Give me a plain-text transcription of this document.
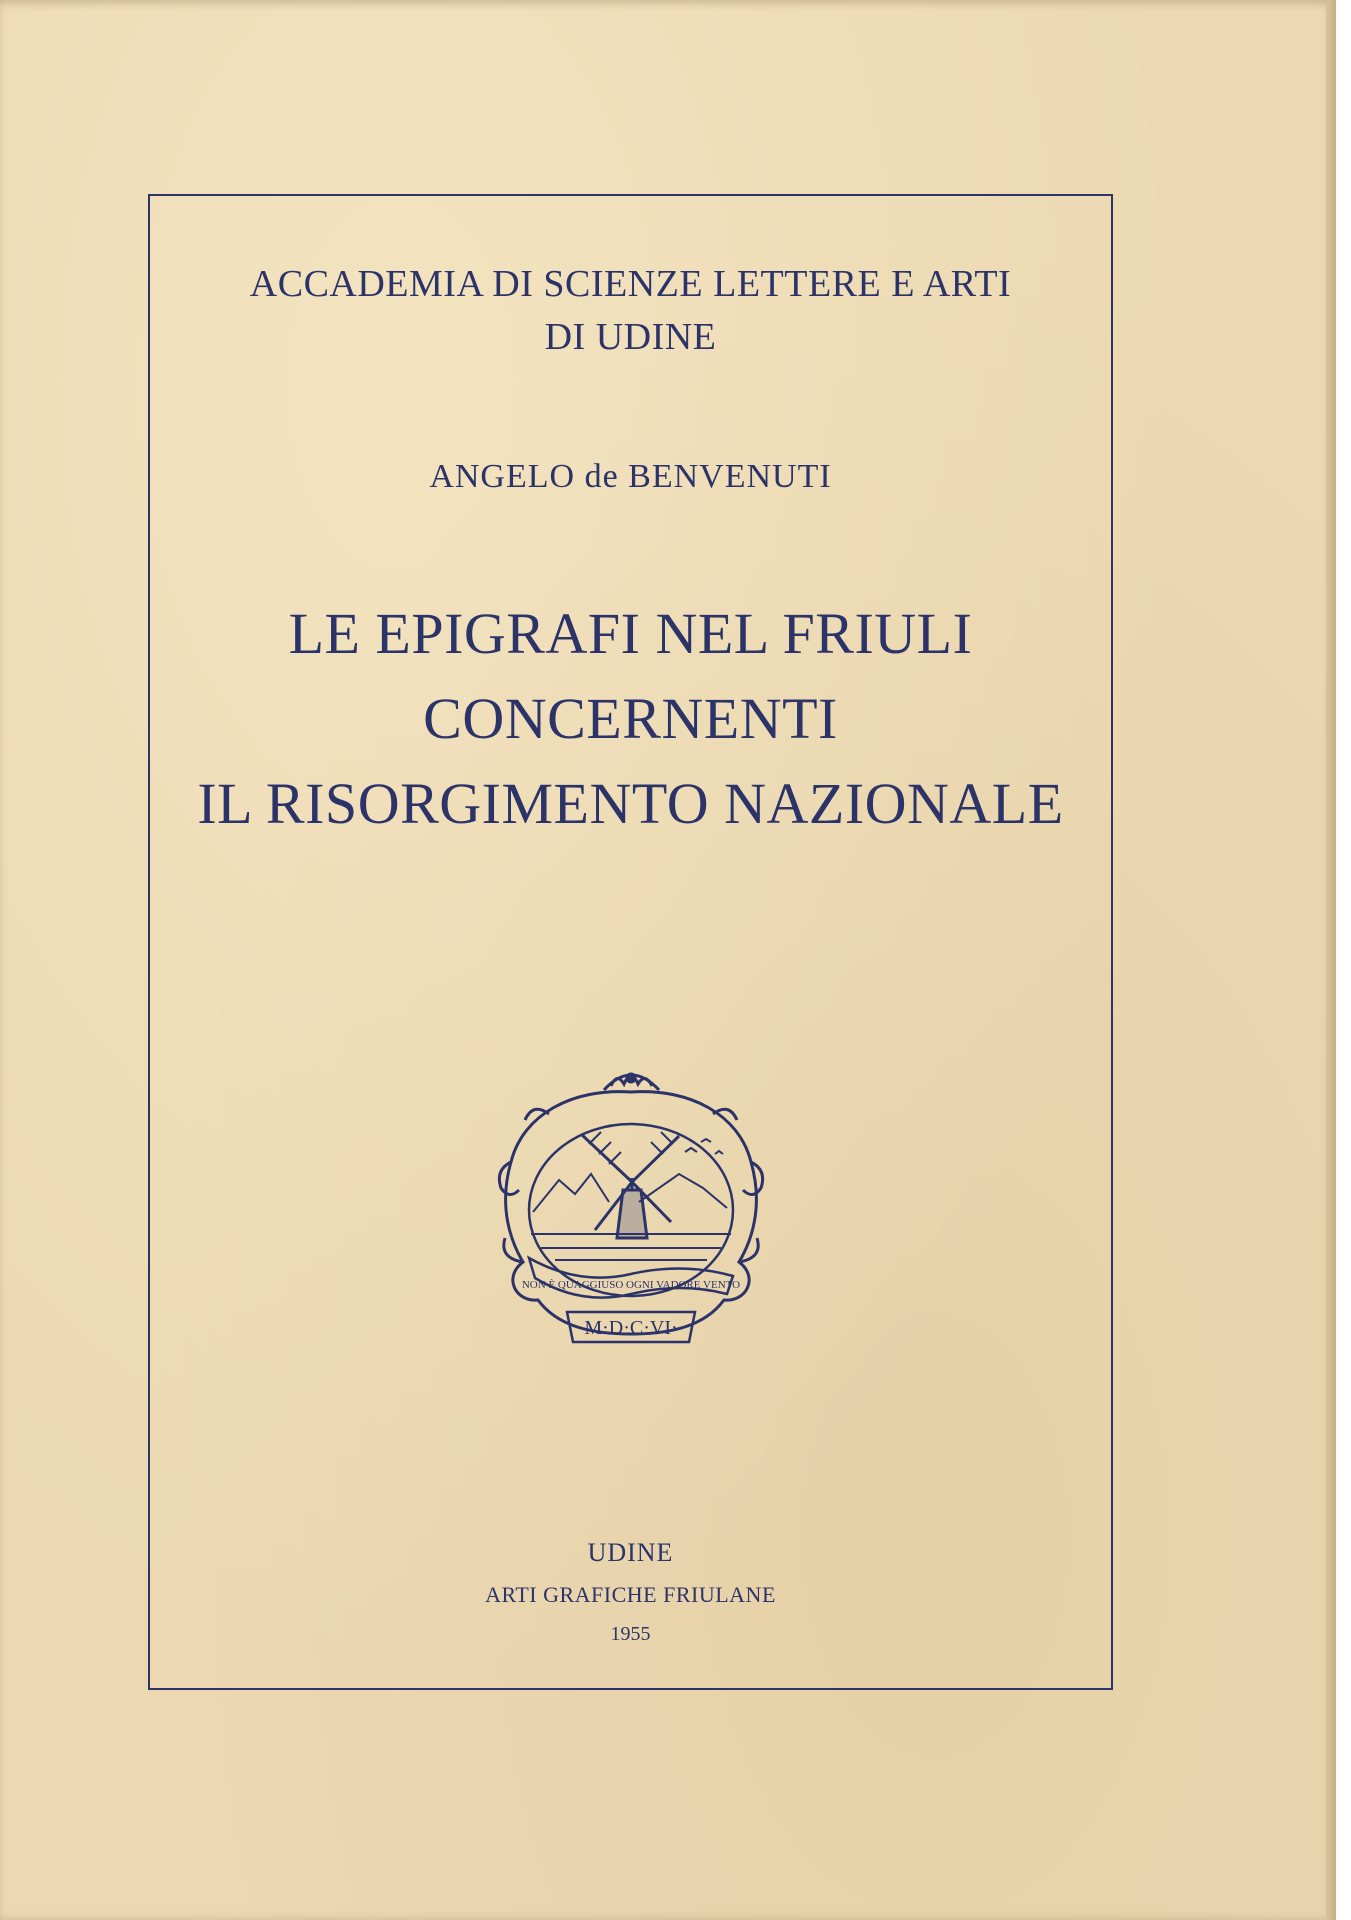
ACCADEMIA DI SCIENZE LETTERE E ARTI
DI UDINE
ANGELO de BENVENUTI
LE EPIGRAFI NEL FRIULI
CONCERNENTI
IL RISORGIMENTO NAZIONALE
NON È QUAGGIUSO OGNI VADORE VENTO
M·D·C·VI·
UDINE
ARTI GRAFICHE FRIULANE
1955
